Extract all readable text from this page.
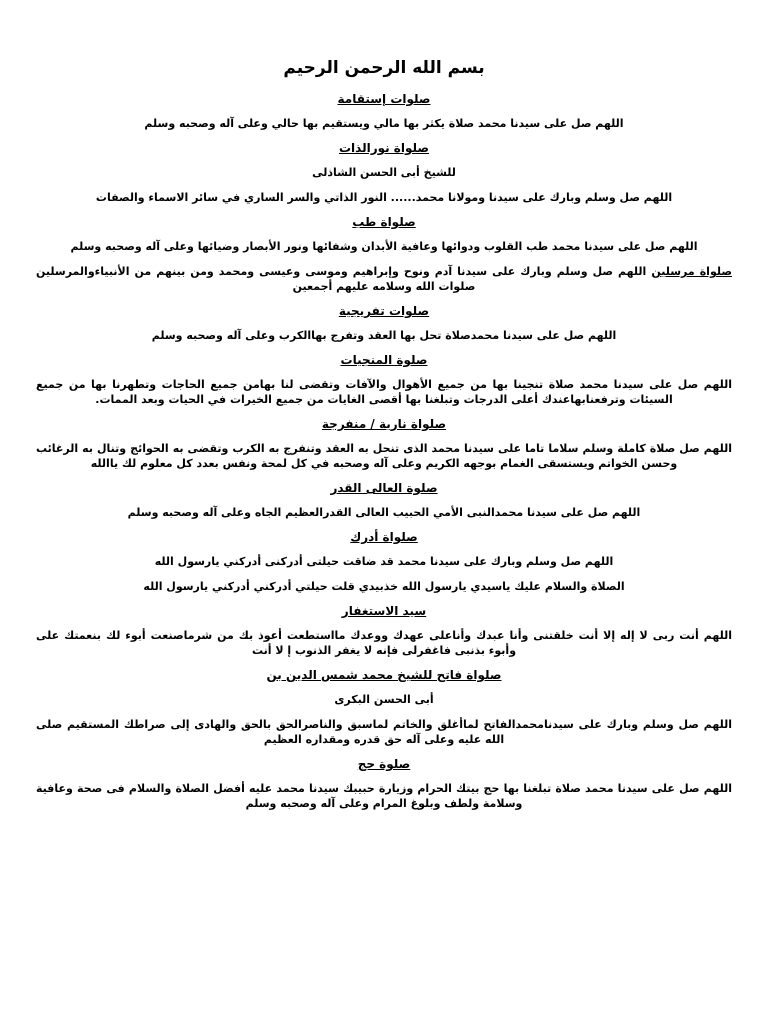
بسم الله الرحمن الرحيم
صلوات إستقامة
اللهم صل على سيدنا محمد صلاة يكثر بها مالي ويستقيم بها حالي وعلى آله وصحبه وسلم
صلواة نورالذات
للشيخ أبى الحسن الشاذلى
اللهم صل وسلم وبارك على سيدنا ومولانا محمد...... النور الذاتي والسر الساري في سائر الاسماء والصفات
صلواة طب
اللهم صل على سيدنا محمد طب القلوب ودوائها وعافية الأبدان وشفائها ونور الأبصار وضيائها وعلى آله وصحبه وسلم
صلواة مرسلين اللهم صل وسلم وبارك على سيدنا آدم ونوح وإبراهيم وموسى وعيسى ومحمد ومن بينهم من الأنبياءوالمرسلين صلوات الله وسلامه عليهم أجمعين
صلوات تفريجية
اللهم صل على سيدنا محمدصلاة تحل بها العقد وتفرج بهاالكرب وعلى آله وصحبه وسلم
صلوة المنجيات
اللهم صل على سيدنا محمد صلاة تنجينا بها من جميع الأهوال والآفات وتقضى لنا بهامن جميع الحاجات وتطهرنا بها من جميع السيئات وترفعنابهاعندك أعلى الدرجات وتبلغنا بها أقصى الغايات من جميع الخيرات في الحيات وبعد الممات.
صلواة نارية / منفرجة
اللهم صل صلاة كاملة وسلم سلاما تاما على سيدنا محمد الذى تنحل به العقد وتنفرج به الكرب وتقضى به الحوائج وتنال به الرغائب وحسن الخواتم ويستسقى الغمام بوجهه الكريم وعلى آله وصحبه في كل لمحة ونفس بعدد كل معلوم لك ياالله
صلوة العالى القدر
اللهم صل على سيدنا محمدالنبى الأمي الحبيب العالى القدرالعظيم الجاه وعلى آله وصحبه وسلم
صلواة أدرك
اللهم صل وسلم وبارك على سيدنا محمد قد ضاقت حيلتى أدركنى أدركني يارسول الله
الصلاة والسلام عليك ياسيدي يارسول الله خذبيدي قلت حيلتي أدركني أدركني يارسول الله
سيد الاستغفار
اللهم أنت ربى لا إله إلا أنت خلقتنى وأنا عبدك وأناعلى عهدك ووعدك مااستطعت أعوذ بك من شرماصنعت أبوء لك بنعمتك على وأبوء بذنبى فاغفرلى فإنه لا يغفر الذنوب إ لا أنت
صلواة فاتح للشيخ محمد شمس الدين بن
أبى الحسن البكرى
اللهم صل وسلم وبارك على سيدنامحمدالفاتح لماأغلق والخاتم لماسبق والناصرالحق بالحق والهادى إلى صراطك المستقيم صلى الله عليه وعلى آله حق قدره ومقداره العظيم
صلوة حج
اللهم صل على سيدنا محمد صلاة تبلغنا بها حج بيتك الحرام وزيارة حبيبك سيدنا محمد عليه أفضل الصلاة والسلام فى صحة وعافية وسلامة ولطف وبلوغ المرام وعلى آله وصحبه وسلم
